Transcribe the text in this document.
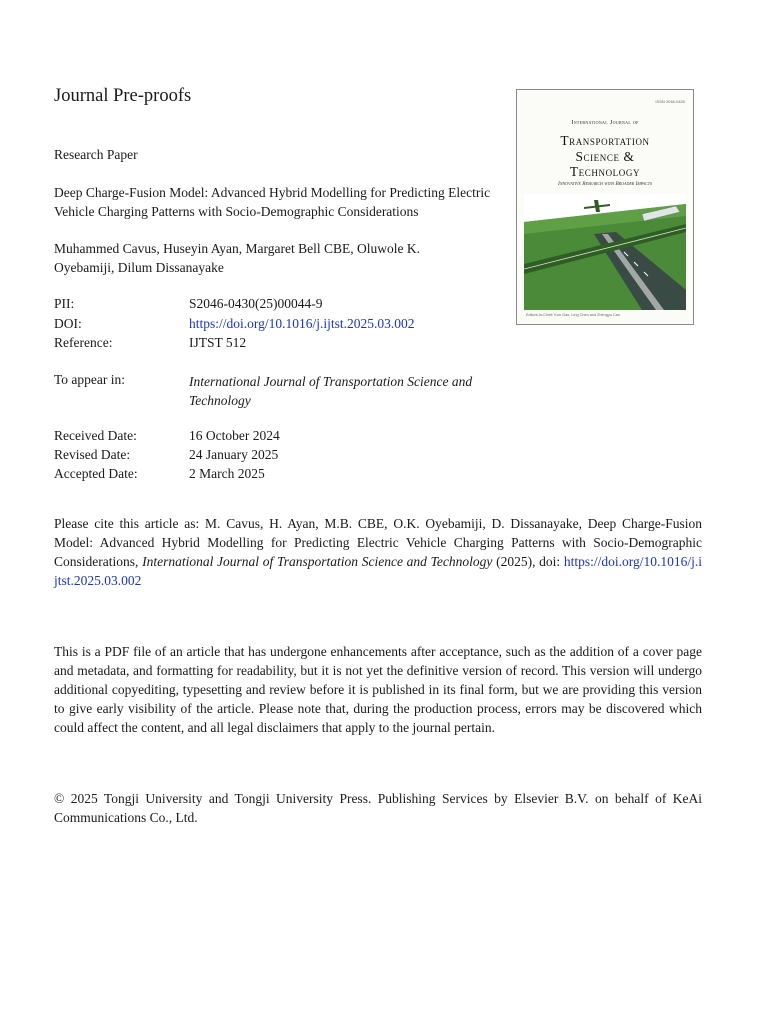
Journal Pre-proofs
Research Paper
Deep Charge-Fusion Model: Advanced Hybrid Modelling for Predicting Electric Vehicle Charging Patterns with Socio-Demographic Considerations
Muhammed Cavus, Huseyin Ayan, Margaret Bell CBE, Oluwole K. Oyebamiji, Dilum Dissanayake
PII:	S2046-0430(25)00044-9
DOI:	https://doi.org/10.1016/j.ijtst.2025.03.002
Reference:	IJTST 512
To appear in:	International Journal of Transportation Science and Technology
Received Date:	16 October 2024
Revised Date:	24 January 2025
Accepted Date:	2 March 2025
ISSN 2046-0430
International Journal of
Transportation
Science &
Technology
Innovative Research with Broader Impacts
Editors-in-Chief: Kun Gao, Ling Chen and Zhengyu Cao
Please cite this article as: M. Cavus, H. Ayan, M.B. CBE, O.K. Oyebamiji, D. Dissanayake, Deep Charge-Fusion Model: Advanced Hybrid Modelling for Predicting Electric Vehicle Charging Patterns with Socio-Demographic Considerations, International Journal of Transportation Science and Technology (2025), doi: https://doi.org/10.1016/j.ijtst.2025.03.002
This is a PDF file of an article that has undergone enhancements after acceptance, such as the addition of a cover page and metadata, and formatting for readability, but it is not yet the definitive version of record. This version will undergo additional copyediting, typesetting and review before it is published in its final form, but we are providing this version to give early visibility of the article. Please note that, during the production process, errors may be discovered which could affect the content, and all legal disclaimers that apply to the journal pertain.
© 2025 Tongji University and Tongji University Press. Publishing Services by Elsevier B.V. on behalf of KeAi Communications Co., Ltd.
